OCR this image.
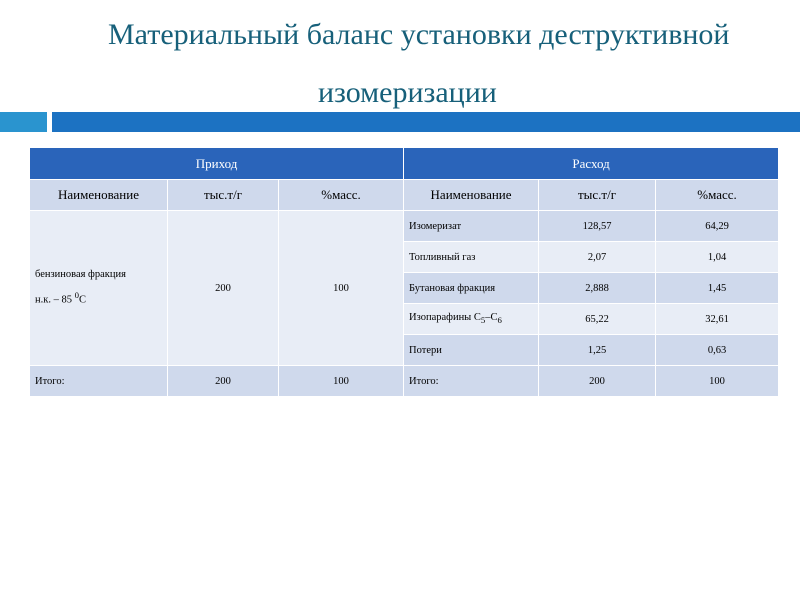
Материальный баланс установки деструктивной
изомеризации
Приход			Расход		
Наименование	тыс.т/г	%масс.	Наименование	тыс.т/г	%масс.

бензиновая фракция
н.к. – 85 $^0$С	200	100	Изомеризат	128,57	64,29
			Топливный газ	2,07	1,04
			Бутановая фракция	2,888	1,45
			Изопарафины $С_5-С_6$	65,22	32,61
			Потери	1,25	0,63
Итого:	200	100	Итого:	200	100
